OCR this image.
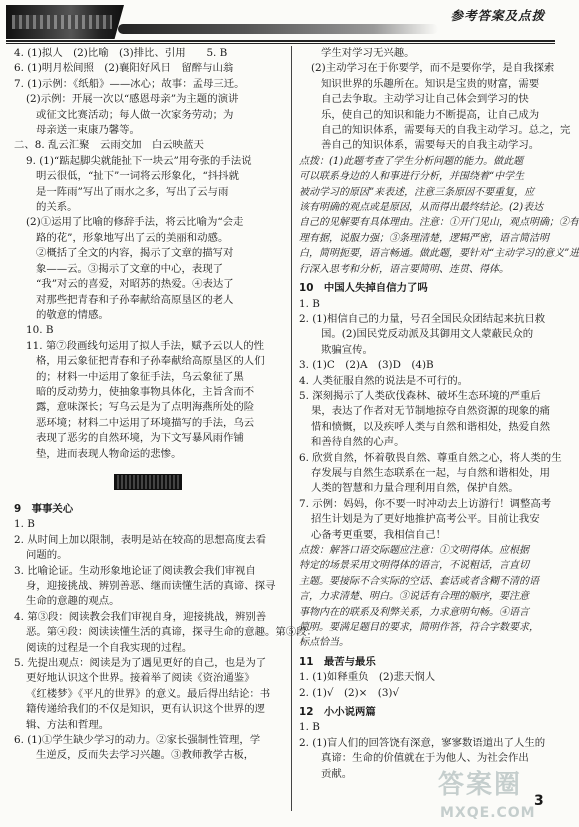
参考答案及点拨
4. (1)拟人　(2)比喻　(3)排比、引用　　5. B
6. (1)明月松间照　(2)襄阳好风日　留醉与山翁
7. (1)示例：《纸船》——冰心；故事：孟母三迁。
(2)示例：开展一次以“感恩母亲”为主题的演讲
或征文比赛活动；每人做一次家务劳动；为
母亲送一束康乃馨等。
二、8. 乱云汇聚　云雨交加　白云映蓝天
9. (1)“踮起脚尖就能扯下一块云”用夸张的手法说
明云很低，“扯下”一词将云形象化，“抖抖就
是一阵雨”写出了雨水之多，写出了云与雨
的关系。
(2)①运用了比喻的修辞手法，将云比喻为“会走
路的花”，形象地写出了云的美丽和动感。
②概括了全文的内容，揭示了文章的描写对
象——云。③揭示了文章的中心，表现了
“我”对云的喜爱，对昭苏的热爱。④表达了
对那些把青春和子孙奉献给高原垦区的老人
的敬意的情感。
10. B
11. 第⑦段画线句运用了拟人手法，赋予云以人的性
格，用云象征把青春和子孙奉献给高原垦区的人们
的；材料一中运用了象征手法，乌云象征了黑
暗的反动势力，使抽象事物具体化，主旨含而不
露，意味深长；写乌云是为了点明海燕所处的险
恶环境；材料二中运用了环境描写的手法，乌云
表现了恶劣的自然环境，为下文写暴风雨作铺
垫，进而表现人物命运的悲惨。
9　事事关心
1. B
2. 从时间上加以限制，表明是站在较高的思想高度去看
问题的。
3. 比喻论证。生动形象地论证了阅读教会我们审视自
身，迎接挑战、辨别善恶、继而读懂生活的真谛、探寻
生命的意趣的观点。
4. 第③段：阅读教会我们审视自身，迎接挑战，辨别善
恶。第④段：阅读读懂生活的真谛，探寻生命的意趣。第⑤段：
阅读的过程是一个自我实现的过程。
5. 先提出观点：阅读是为了遇见更好的自己，也是为了
更好地认识这个世界。接着举了阅读《资治通鉴》
《红楼梦》《平凡的世界》的意义。最后得出结论：书
籍传递给我们的不仅是知识，更有认识这个世界的逻
辑、方法和哲理。
6. (1)①学生缺少学习的动力。②家长强制性管理，学
生逆反，反而失去学习兴趣。③教师教学古板，
学生对学习无兴趣。
(2)主动学习在于你要学，而不是要你学，是自我探索
知识世界的乐趣所在。知识是宝贵的财富，需要
自己去争取。主动学习让自己体会到学习的快
乐，使自己的知识和能力不断提高，让自己成为
自己的知识体系，需要每天的自我主动学习。总之，完
善自己的知识体系，需要每天的自我主动学习。
点拨：(1)此题考查了学生分析问题的能力。做此题
可以联系身边的人和事进行分析，并围绕着“中学生
被动学习的原因”来表述，注意三条原因不要重复，应
该有明确的观点或是原因，从而得出最终结论。(2)表达
自己的见解要有具体理由。注意：①开门见山，观点明确；②有
理有据，说服力强；③条理清楚，逻辑严密，语言简洁明
白，简明扼要，语言畅通。做此题，要针对“主动学习的意义”进
行深入思考和分析，语言要简明、连贯、得体。
10　中国人失掉自信力了吗
1. B
2. (1)相信自己的力量，号召全国民众团结起来抗日救
国。(2)国民党反动派及其御用文人蒙蔽民众的
欺骗宣传。
3. (1)C　(2)A　(3)D　(4)B
4. 人类征服自然的说法是不可行的。
5. 深刻揭示了人类砍伐森林、破坏生态环境的严重后
果，表达了作者对无节制地掠夺自然资源的现象的痛
惜和愤慨，以及疾呼人类与自然和谐相处，热爱自然
和善待自然的心声。
6. 欣赏自然，怀着敬畏自然、尊重自然之心，将人类的生
存发展与自然生态联系在一起，与自然和谐相处，用
人类的智慧和力量合理利用自然，保护自然。
7. 示例：妈妈，你不要一时冲动去上访游行！调整高考
招生计划是为了更好地推护高考公平。目前让我安
心备考更重要，我相信自己！
点拨：解答口语交际题应注意：①文明得体。应根据
特定的场景采用文明得体的语言，不说粗话，言直切
主题。要接际不合实际的空话、套话或者含糊不清的语
言，力求清楚、明白。③说话有合理的顺序，要注意
事物内在的联系及利弊关系，力求意明句畅。④语言
简明。要满足题目的要求，简明作答，符合字数要求，
标点恰当。
11　最苦与最乐
1. (1)如释重负　(2)悲天悯人
2. (1)√　(2)×　(3)√
12　小小说两篇
1. B
2. (1)盲人们的回答饶有深意，寥寥数语道出了人生的
真谛：生命的价值就在于为他人、为社会作出
贡献。
3
答案圈
MXQE.COM
